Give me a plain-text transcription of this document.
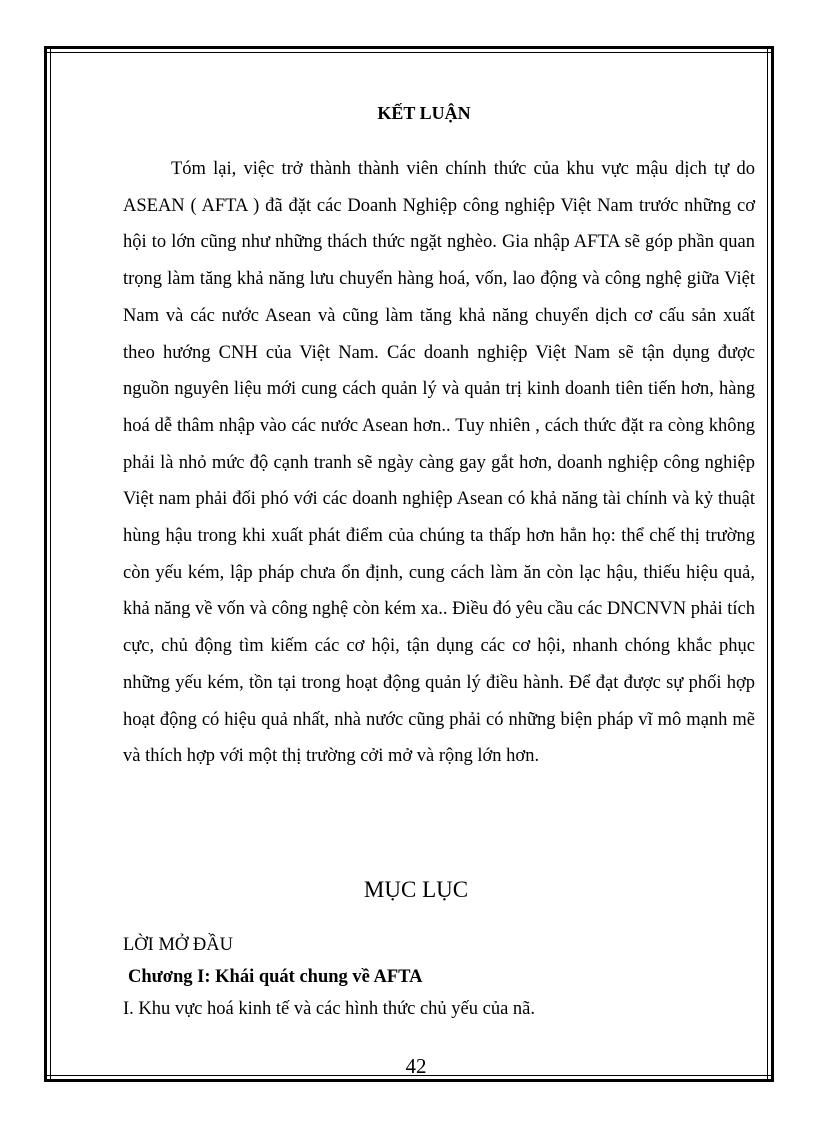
KẾT LUẬN

Tóm lại, việc trở thành thành viên chính thức của khu vực mậu dịch tự do ASEAN ( AFTA ) đã đặt các Doanh Nghiệp công nghiệp Việt Nam trước những cơ hội to lớn cũng như những thách thức ngặt nghèo. Gia nhập AFTA sẽ góp phần quan trọng làm tăng khả năng lưu chuyển hàng hoá, vốn, lao động và công nghệ giữa Việt Nam và các nước Asean và cũng làm tăng khả năng chuyển dịch cơ cấu sản xuất theo hướng CNH của Việt Nam. Các doanh nghiệp Việt Nam sẽ tận dụng được nguồn nguyên liệu mới cung cách quản lý và quản trị kinh doanh tiên tiến hơn, hàng hoá dễ thâm nhập vào các nước Asean hơn.. Tuy nhiên , cách thức đặt ra còng không phải là nhỏ mức độ cạnh tranh sẽ ngày càng gay gắt hơn, doanh nghiệp công nghiệp Việt nam phải đối phó với các doanh nghiệp Asean có khả năng tài chính và kỷ thuật hùng hậu trong khi xuất phát điểm của chúng ta thấp hơn hẳn họ: thể chế thị trường còn yếu kém, lập pháp chưa ổn định, cung cách làm ăn còn lạc hậu, thiếu hiệu quả, khả năng về vốn và công nghệ còn kém xa.. Điều đó yêu cầu các DNCNVN phải tích cực, chủ động tìm kiếm các cơ hội, tận dụng các cơ hội, nhanh chóng khắc phục những yếu kém, tồn tại trong hoạt động quản lý điều hành. Để đạt được sự phối hợp hoạt động có hiệu quả nhất, nhà nước cũng phải có những biện pháp vĩ mô mạnh mẽ và thích hợp với một thị trường cởi mở và rộng lớn hơn.

MỤC LỤC
LỜI MỞ ĐẦU
Chương I: Khái quát chung về AFTA
I. Khu vực hoá kinh tế và các hình thức chủ yếu của nã.
42
